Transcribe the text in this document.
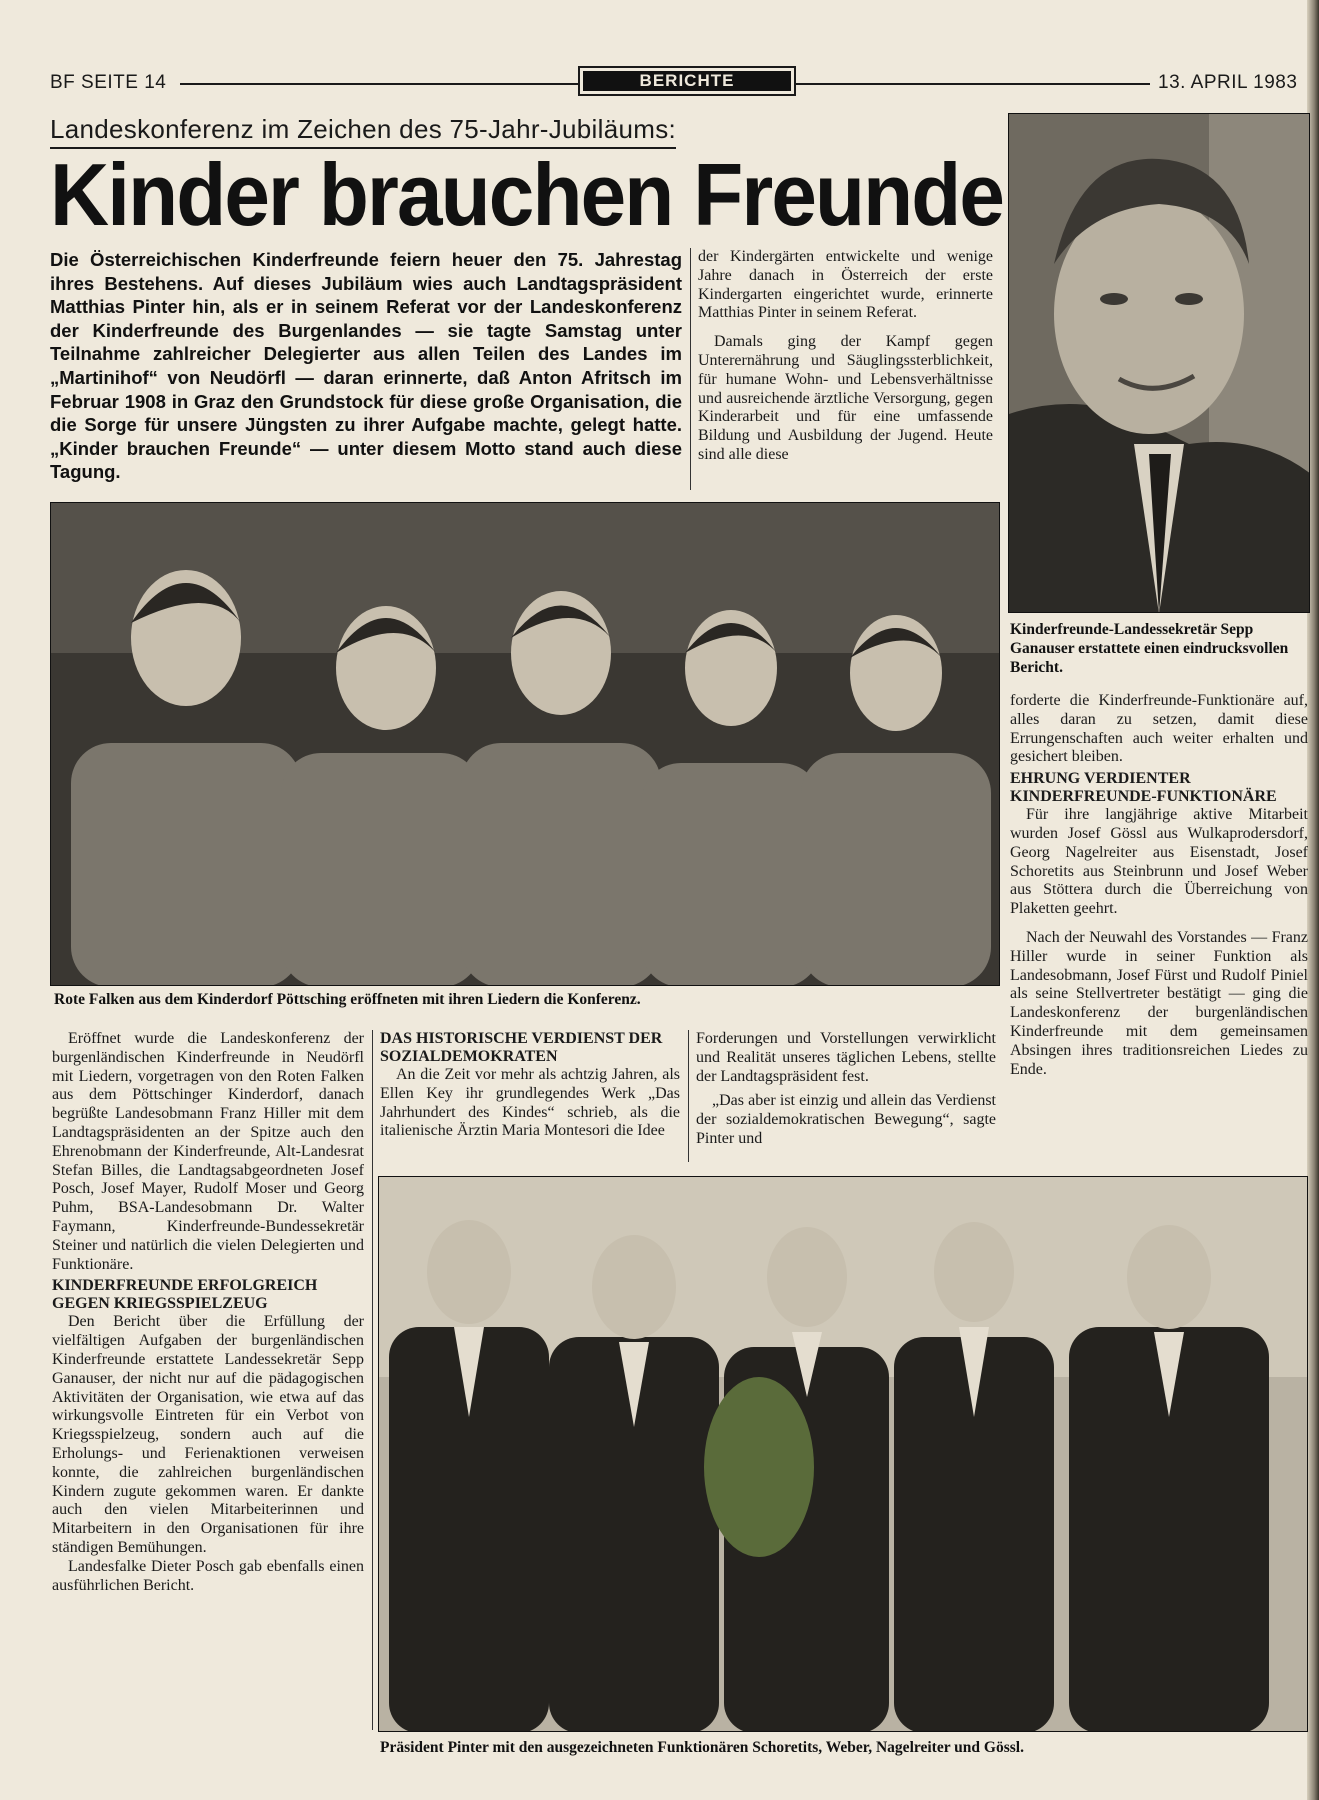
BF SEITE 14	BERICHTE	13. APRIL 1983
Landeskonferenz im Zeichen des 75-Jahr-Jubiläums:
Kinder brauchen Freunde
Die Österreichischen Kinderfreunde feiern heuer den 75. Jahrestag ihres Bestehens. Auf dieses Jubiläum wies auch Landtagspräsident Matthias Pinter hin, als er in seinem Referat vor der Landeskonferenz der Kinderfreunde des Burgenlandes — sie tagte Samstag unter Teilnahme zahlreicher Delegierter aus allen Teilen des Landes im „Martinihof“ von Neudörfl — daran erinnerte, daß Anton Afritsch im Februar 1908 in Graz den Grundstock für diese große Organisation, die die Sorge für unsere Jüngsten zu ihrer Aufgabe machte, gelegt hatte. „Kinder brauchen Freunde“ — unter diesem Motto stand auch diese Tagung.

der Kindergärten entwickelte und wenige Jahre danach in Österreich der erste Kindergarten eingerichtet wurde, erinnerte Matthias Pinter in seinem Referat.

Damals ging der Kampf gegen Unterernährung und Säuglingssterblichkeit, für humane Wohn- und Lebensverhältnisse und ausreichende ärztliche Versorgung, gegen Kinderarbeit und für eine umfassende Bildung und Ausbildung der Jugend. Heute sind alle diese

Kinderfreunde-Landessekretär Sepp Ganauser erstattete einen eindrucksvollen Bericht.

forderte die Kinderfreunde-Funktionäre auf, alles daran zu setzen, damit diese Errungenschaften auch weiter erhalten und gesichert bleiben.

EHRUNG VERDIENTER KINDERFREUNDE-FUNKTIONÄRE

Für ihre langjährige aktive Mitarbeit wurden Josef Gössl aus Wulkaprodersdorf, Georg Nagelreiter aus Eisenstadt, Josef Schoretits aus Steinbrunn und Josef Weber aus Stöttera durch die Überreichung von Plaketten geehrt.

Nach der Neuwahl des Vorstandes — Franz Hiller wurde in seiner Funktion als Landesobmann, Josef Fürst und Rudolf Piniel als seine Stellvertreter bestätigt — ging die Landeskonferenz der burgenländischen Kinderfreunde mit dem gemeinsamen Absingen ihres traditionsreichen Liedes zu Ende.

Rote Falken aus dem Kinderdorf Pöttsching eröffneten mit ihren Liedern die Konferenz.

Eröffnet wurde die Landeskonferenz der burgenländischen Kinderfreunde in Neudörfl mit Liedern, vorgetragen von den Roten Falken aus dem Pöttschinger Kinderdorf, danach begrüßte Landesobmann Franz Hiller mit dem Landtagspräsidenten an der Spitze auch den Ehrenobmann der Kinderfreunde, Alt-Landesrat Stefan Billes, die Landtagsabgeordneten Josef Posch, Josef Mayer, Rudolf Moser und Georg Puhm, BSA-Landesobmann Dr. Walter Faymann, Kinderfreunde-Bundessekretär Steiner und natürlich die vielen Delegierten und Funktionäre.

KINDERFREUNDE ERFOLGREICH GEGEN KRIEGSSPIELZEUG

Den Bericht über die Erfüllung der vielfältigen Aufgaben der burgenländischen Kinderfreunde erstattete Landessekretär Sepp Ganauser, der nicht nur auf die pädagogischen Aktivitäten der Organisation, wie etwa auf das wirkungsvolle Eintreten für ein Verbot von Kriegsspielzeug, sondern auch auf die Erholungs- und Ferienaktionen verweisen konnte, die zahlreichen burgenländischen Kindern zugute gekommen waren. Er dankte auch den vielen Mitarbeiterinnen und Mitarbeitern in den Organisationen für ihre ständigen Bemühungen.

Landesfalke Dieter Posch gab ebenfalls einen ausführlichen Bericht.

DAS HISTORISCHE VERDIENST DER SOZIALDEMOKRATEN

An die Zeit vor mehr als achtzig Jahren, als Ellen Key ihr grundlegendes Werk „Das Jahrhundert des Kindes“ schrieb, als die italienische Ärztin Maria Montesori die Idee

Forderungen und Vorstellungen verwirklicht und Realität unseres täglichen Lebens, stellte der Landtagspräsident fest.

„Das aber ist einzig und allein das Verdienst der sozialdemokratischen Bewegung“, sagte Pinter und

Präsident Pinter mit den ausgezeichneten Funktionären Schoretits, Weber, Nagelreiter und Gössl.
